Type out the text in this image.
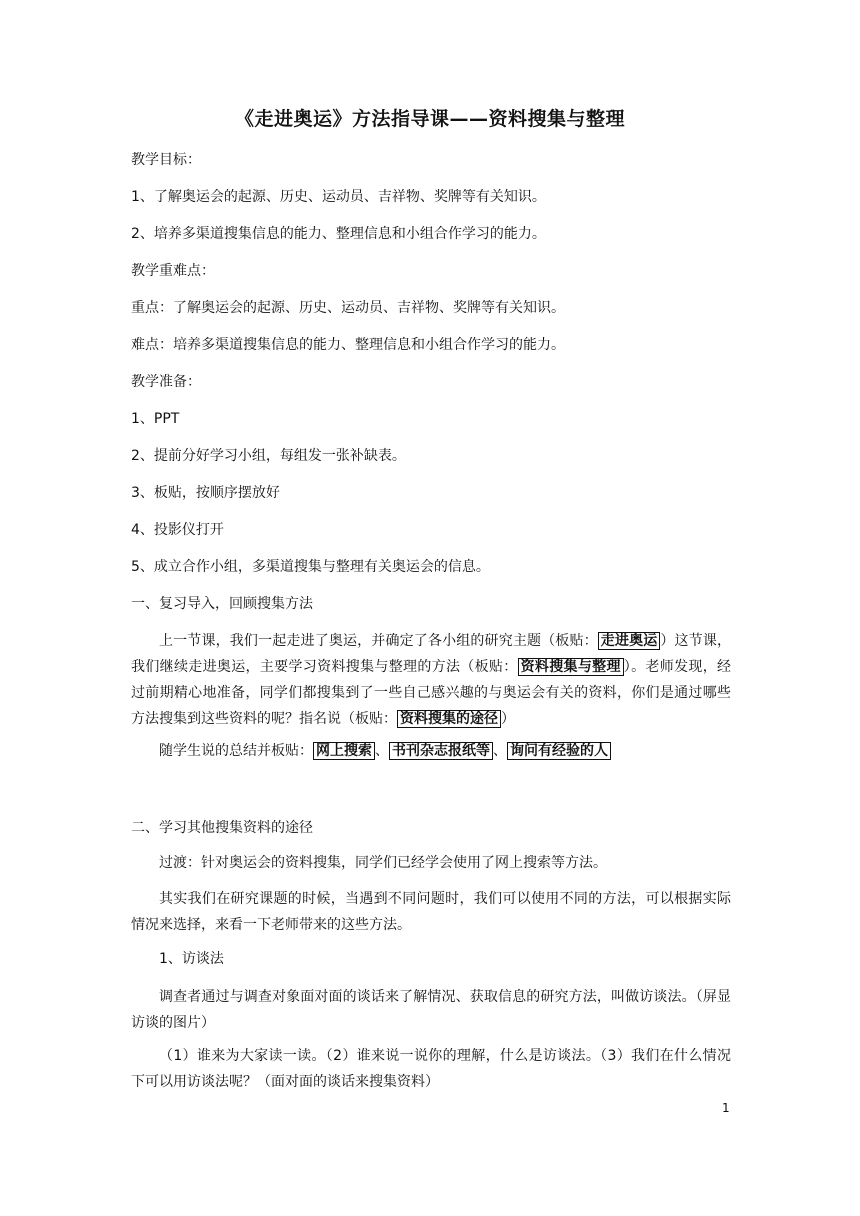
《走进奥运》方法指导课——资料搜集与整理
教学目标：
1、了解奥运会的起源、历史、运动员、吉祥物、奖牌等有关知识。
2、培养多渠道搜集信息的能力、整理信息和小组合作学习的能力。
教学重难点：
重点：了解奥运会的起源、历史、运动员、吉祥物、奖牌等有关知识。
难点：培养多渠道搜集信息的能力、整理信息和小组合作学习的能力。
教学准备：
1、PPT
2、提前分好学习小组，每组发一张补缺表。
3、板贴，按顺序摆放好
4、投影仪打开
5、成立合作小组，多渠道搜集与整理有关奥运会的信息。
一、复习导入，回顾搜集方法
上一节课，我们一起走进了奥运，并确定了各小组的研究主题（板贴： 走进奥运 ）这节课，我们继续走进奥运，主要学习资料搜集与整理的方法（板贴： 资料搜集与整理 ）。老师发现，经过前期精心地准备，同学们都搜集到了一些自己感兴趣的与奥运会有关的资料，你们是通过哪些方法搜集到这些资料的呢？指名说（板贴： 资料搜集的途径 ）
随学生说的总结并板贴： 网上搜索 、 书刊杂志报纸等 、 询问有经验的人
二、学习其他搜集资料的途径
过渡：针对奥运会的资料搜集，同学们已经学会使用了网上搜索等方法。
其实我们在研究课题的时候，当遇到不同问题时，我们可以使用不同的方法，可以根据实际情况来选择，来看一下老师带来的这些方法。
1、访谈法
调查者通过与调查对象面对面的谈话来了解情况、获取信息的研究方法，叫做访谈法。（屏显访谈的图片）
（1）谁来为大家读一读。（2）谁来说一说你的理解，什么是访谈法。（3）我们在什么情况下可以用访谈法呢？（面对面的谈话来搜集资料）
1
